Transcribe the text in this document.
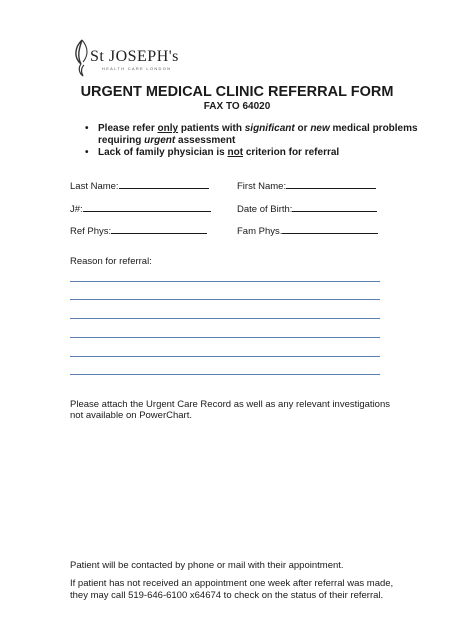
St JOSEPH's
HEALTH CARE LONDON
URGENT MEDICAL CLINIC REFERRAL FORM
FAX TO 64020
• Please refer only patients with significant or new medical problems requiring urgent assessment
• Lack of family physician is not criterion for referral
Last Name:	First Name:
J#:	Date of Birth:
Ref Phys:	Fam Phys.
Reason for referral:
Please attach the Urgent Care Record as well as any relevant investigations not available on PowerChart.
Patient will be contacted by phone or mail with their appointment.
If patient has not received an appointment one week after referral was made, they may call 519-646-6100 x64674 to check on the status of their referral.
